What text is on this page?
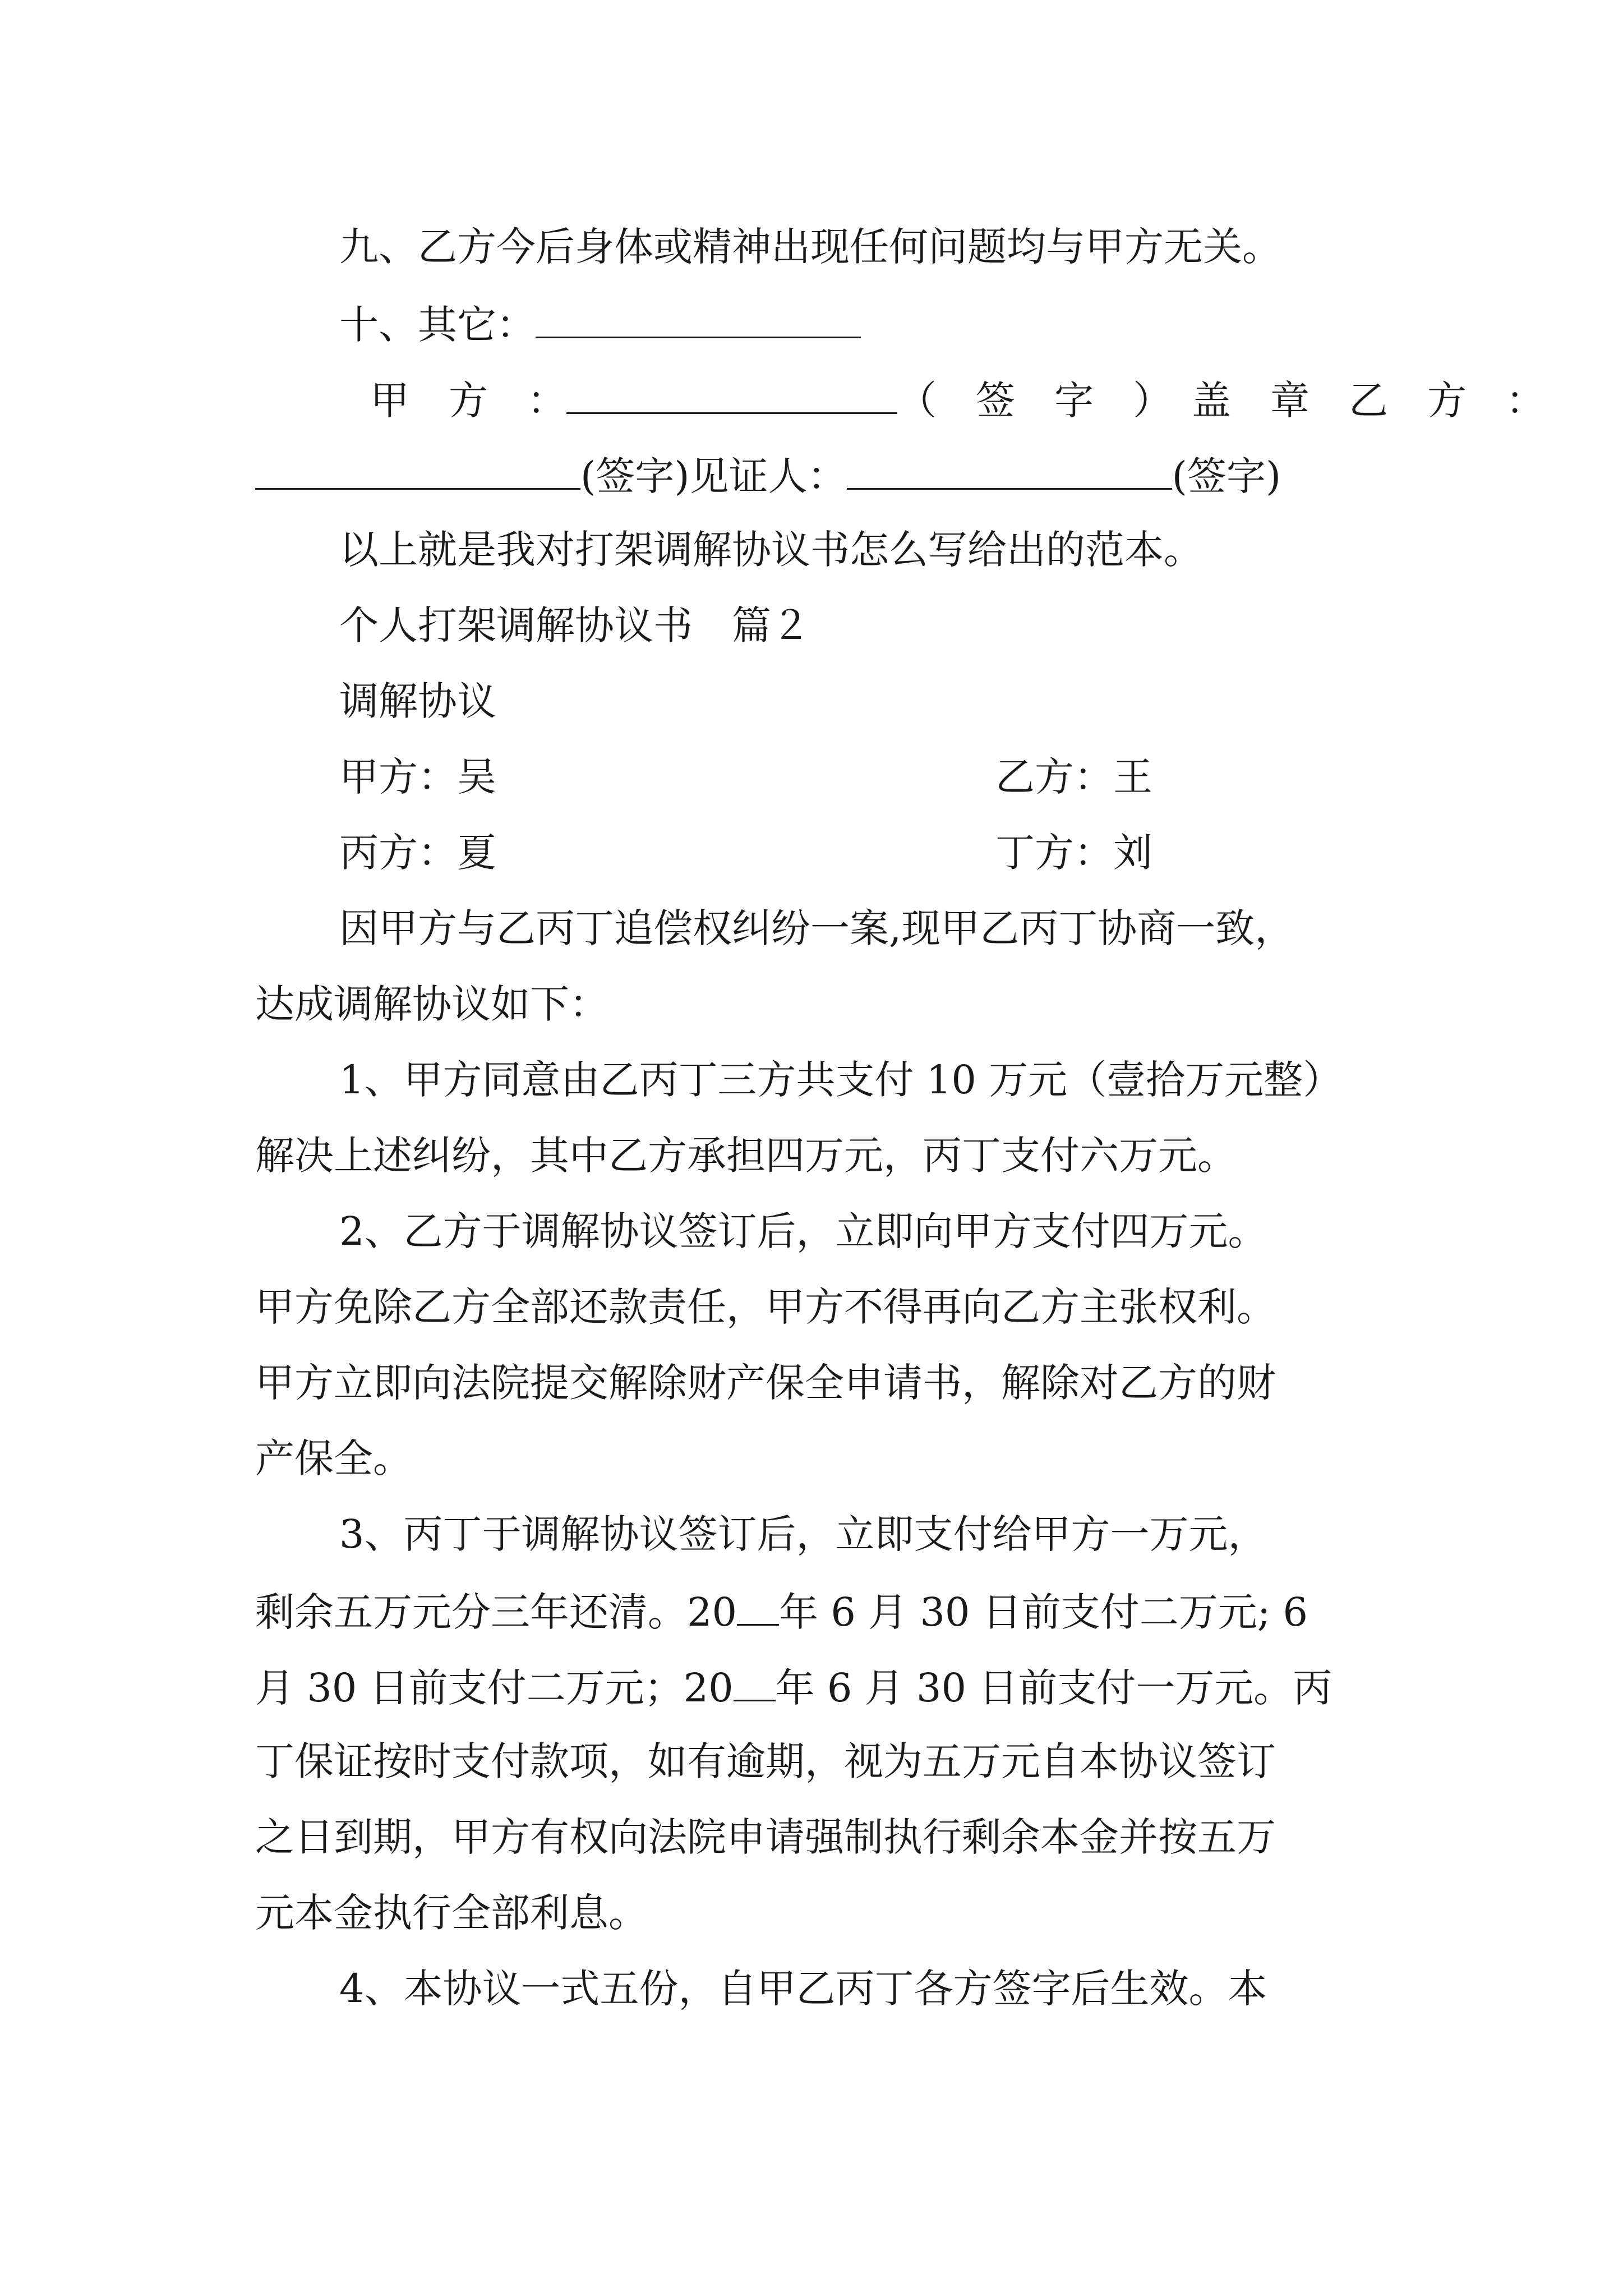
九、乙方今后身体或精神出现任何问题均与甲方无关。
十、其它：
甲　方　：	（　签　字　）　盖　章　乙　方　：
(签字)见证人：	(签字)
以上就是我对打架调解协议书怎么写给出的范本。
个人打架调解协议书　篇２
调解协议
甲方：吴	乙方：王
丙方：夏	丁方：刘
因甲方与乙丙丁追偿权纠纷一案,现甲乙丙丁协商一致，
达成调解协议如下：
1、甲方同意由乙丙丁三方共支付 10 万元（壹拾万元整）
解决上述纠纷，其中乙方承担四万元，丙丁支付六万元。
2、乙方于调解协议签订后，立即向甲方支付四万元。
甲方免除乙方全部还款责任，甲方不得再向乙方主张权利。
甲方立即向法院提交解除财产保全申请书，解除对乙方的财
产保全。
3、丙丁于调解协议签订后，立即支付给甲方一万元，
剩余五万元分三年还清。20 年 6 月 30 日前支付二万元; 6
月 30 日前支付二万元；20 年 6 月 30 日前支付一万元。丙
丁保证按时支付款项，如有逾期，视为五万元自本协议签订
之日到期，甲方有权向法院申请强制执行剩余本金并按五万
元本金执行全部利息。
4、本协议一式五份，自甲乙丙丁各方签字后生效。本
